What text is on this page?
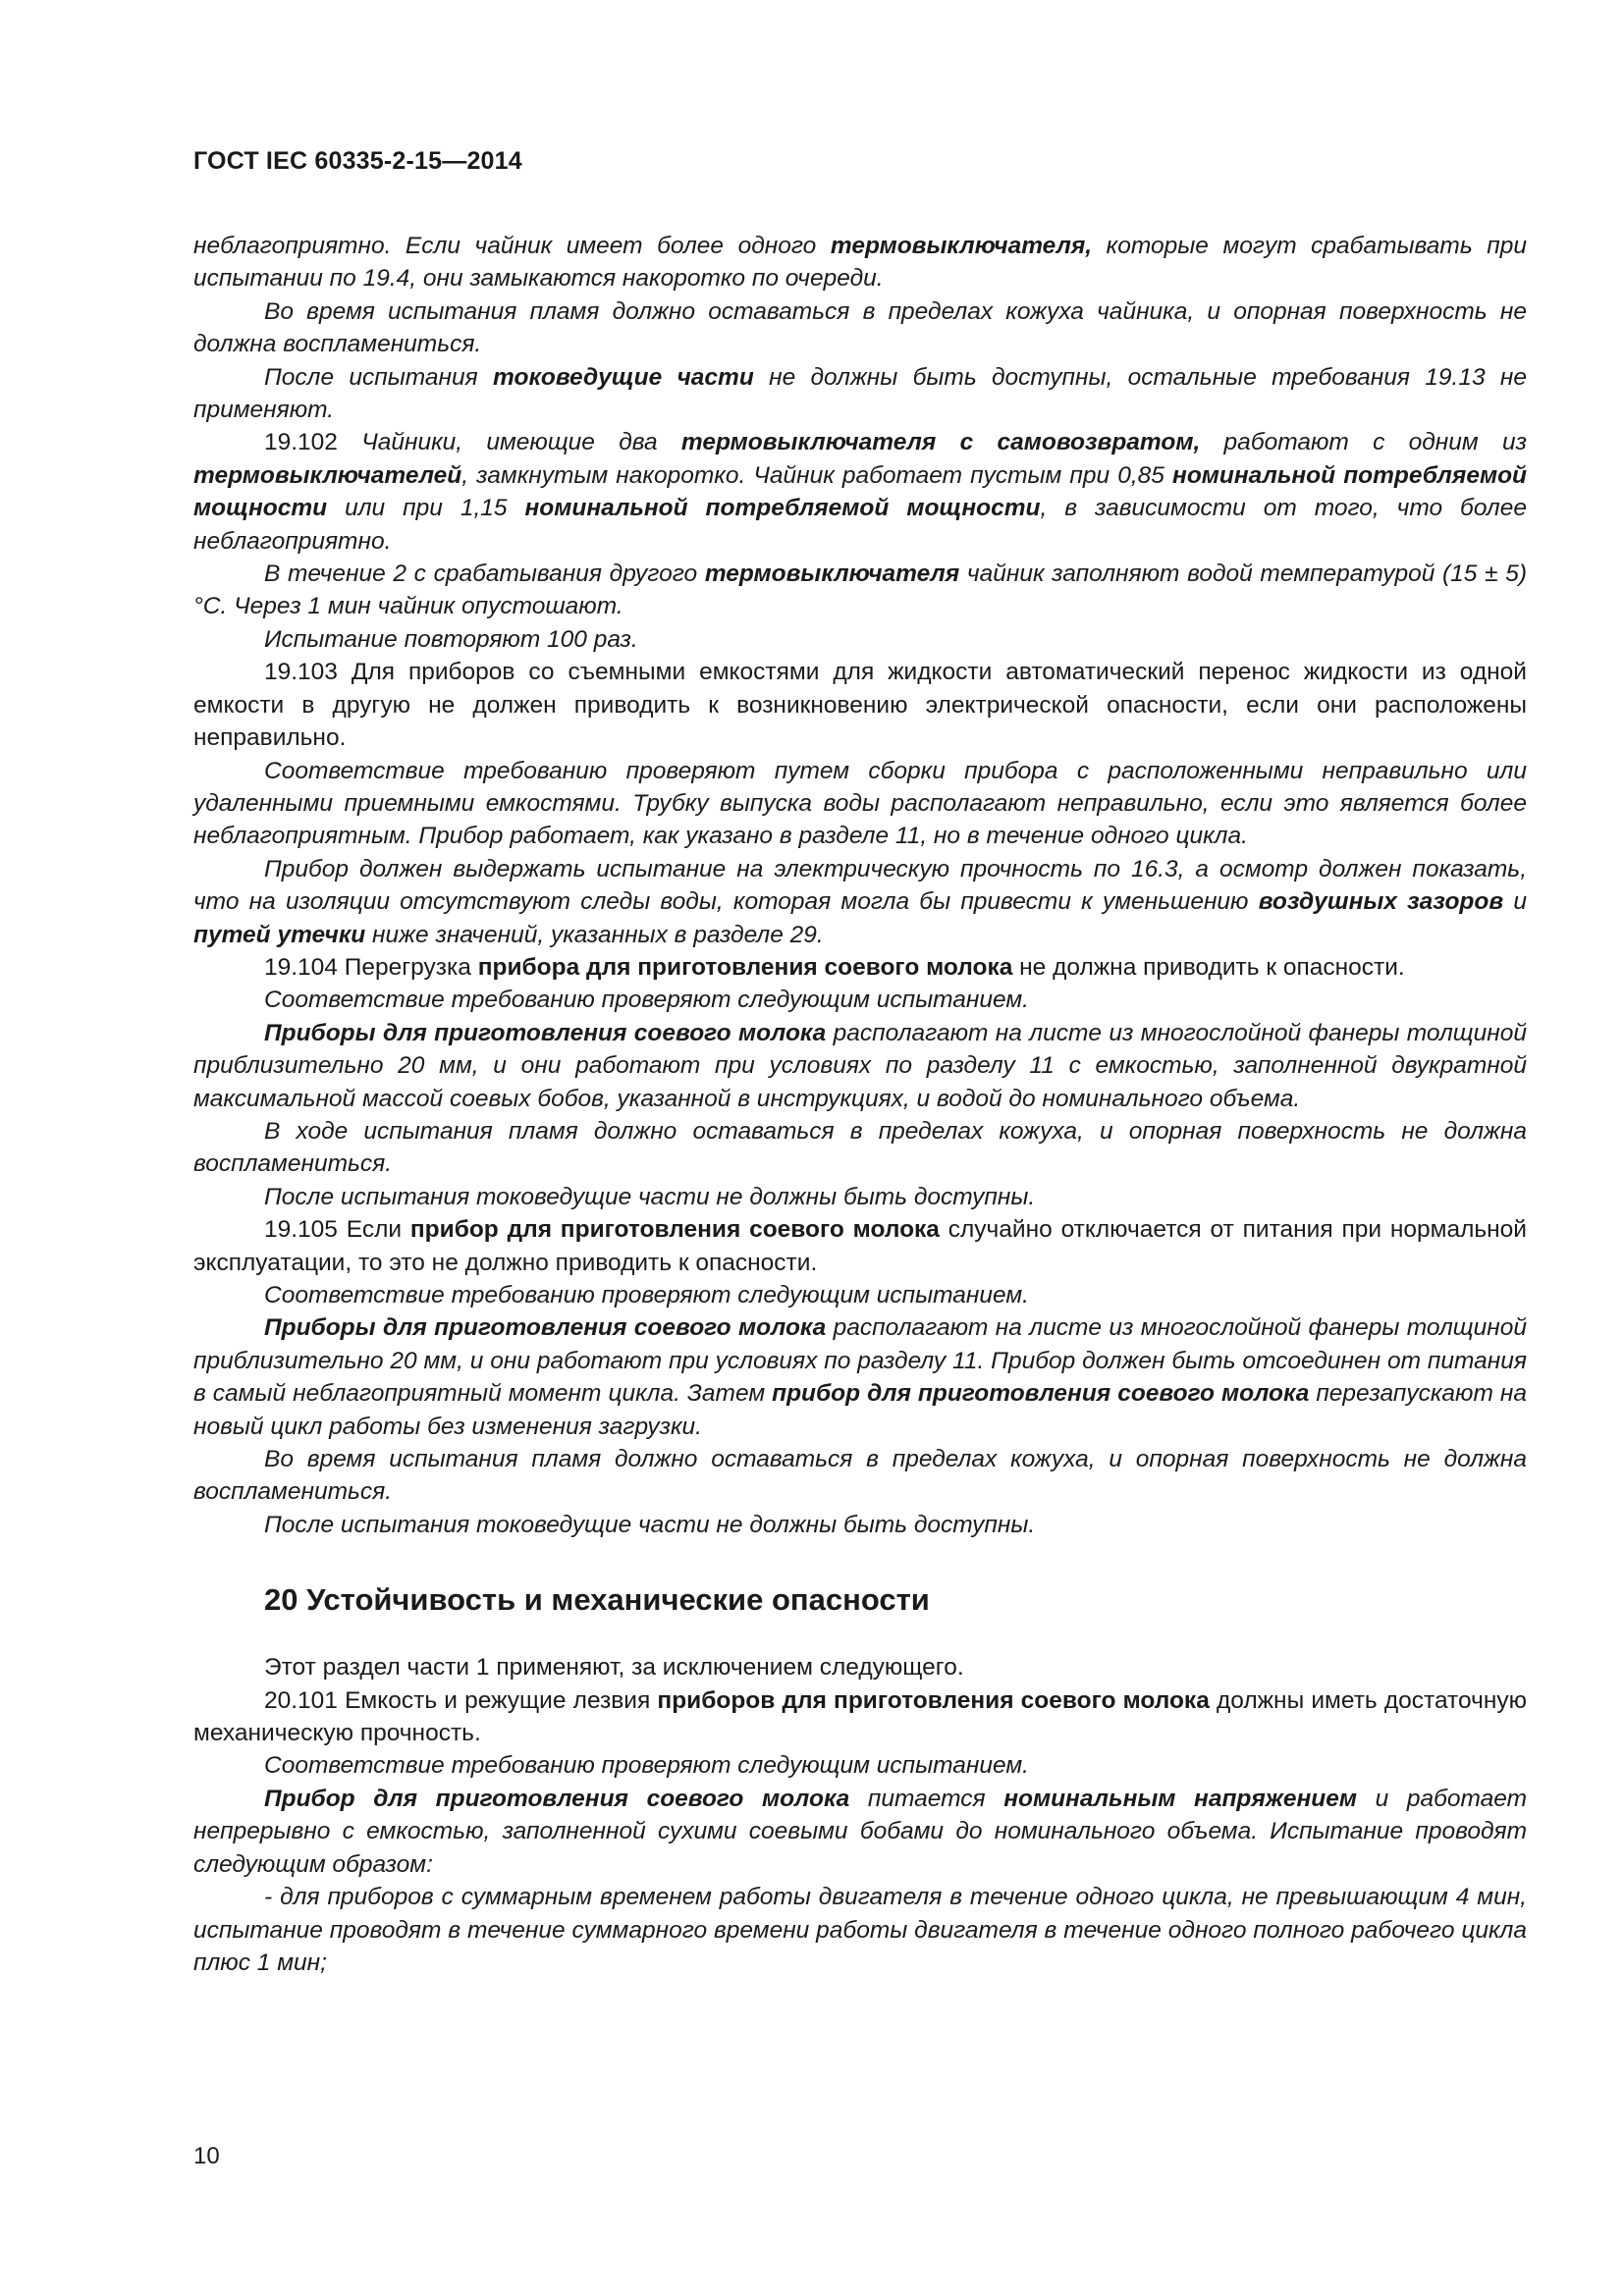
ГОСТ IEC 60335-2-15—2014

неблагоприятно. Если чайник имеет более одного термовыключателя, которые могут срабатывать при испытании по 19.4, они замыкаются накоротко по очереди.

Во время испытания пламя должно оставаться в пределах кожуха чайника, и опорная поверхность не должна воспламениться.

После испытания токоведущие части не должны быть доступны, остальные требования 19.13 не применяют.

19.102 Чайники, имеющие два термовыключателя с самовозвратом, работают с одним из термовыключателей, замкнутым накоротко. Чайник работает пустым при 0,85 номинальной потребляемой мощности или при 1,15 номинальной потребляемой мощности, в зависимости от того, что более неблагоприятно.

В течение 2 с срабатывания другого термовыключателя чайник заполняют водой температурой (15 ± 5) °С. Через 1 мин чайник опустошают.

Испытание повторяют 100 раз.

19.103 Для приборов со съемными емкостями для жидкости автоматический перенос жидкости из одной емкости в другую не должен приводить к возникновению электрической опасности, если они расположены неправильно.

Соответствие требованию проверяют путем сборки прибора с расположенными неправильно или удаленными приемными емкостями. Трубку выпуска воды располагают неправильно, если это является более неблагоприятным. Прибор работает, как указано в разделе 11, но в течение одного цикла.

Прибор должен выдержать испытание на электрическую прочность по 16.3, а осмотр должен показать, что на изоляции отсутствуют следы воды, которая могла бы привести к уменьшению воздушных зазоров и путей утечки ниже значений, указанных в разделе 29.

19.104 Перегрузка прибора для приготовления соевого молока не должна приводить к опасности.

Соответствие требованию проверяют следующим испытанием.

Приборы для приготовления соевого молока располагают на листе из многослойной фанеры толщиной приблизительно 20 мм, и они работают при условиях по разделу 11 с емкостью, заполненной двукратной максимальной массой соевых бобов, указанной в инструкциях, и водой до номинального объема.

В ходе испытания пламя должно оставаться в пределах кожуха, и опорная поверхность не должна воспламениться.

После испытания токоведущие части не должны быть доступны.

19.105 Если прибор для приготовления соевого молока случайно отключается от питания при нормальной эксплуатации, то это не должно приводить к опасности.

Соответствие требованию проверяют следующим испытанием.

Приборы для приготовления соевого молока располагают на листе из многослойной фанеры толщиной приблизительно 20 мм, и они работают при условиях по разделу 11. Прибор должен быть отсоединен от питания в самый неблагоприятный момент цикла. Затем прибор для приготовления соевого молока перезапускают на новый цикл работы без изменения загрузки.

Во время испытания пламя должно оставаться в пределах кожуха, и опорная поверхность не должна воспламениться.

После испытания токоведущие части не должны быть доступны.

20 Устойчивость и механические опасности

Этот раздел части 1 применяют, за исключением следующего.

20.101 Емкость и режущие лезвия приборов для приготовления соевого молока должны иметь достаточную механическую прочность.

Соответствие требованию проверяют следующим испытанием.

Прибор для приготовления соевого молока питается номинальным напряжением и работает непрерывно с емкостью, заполненной сухими соевыми бобами до номинального объема. Испытание проводят следующим образом:

- для приборов с суммарным временем работы двигателя в течение одного цикла, не превышающим 4 мин, испытание проводят в течение суммарного времени работы двигателя в течение одного полного рабочего цикла плюс 1 мин;

10
